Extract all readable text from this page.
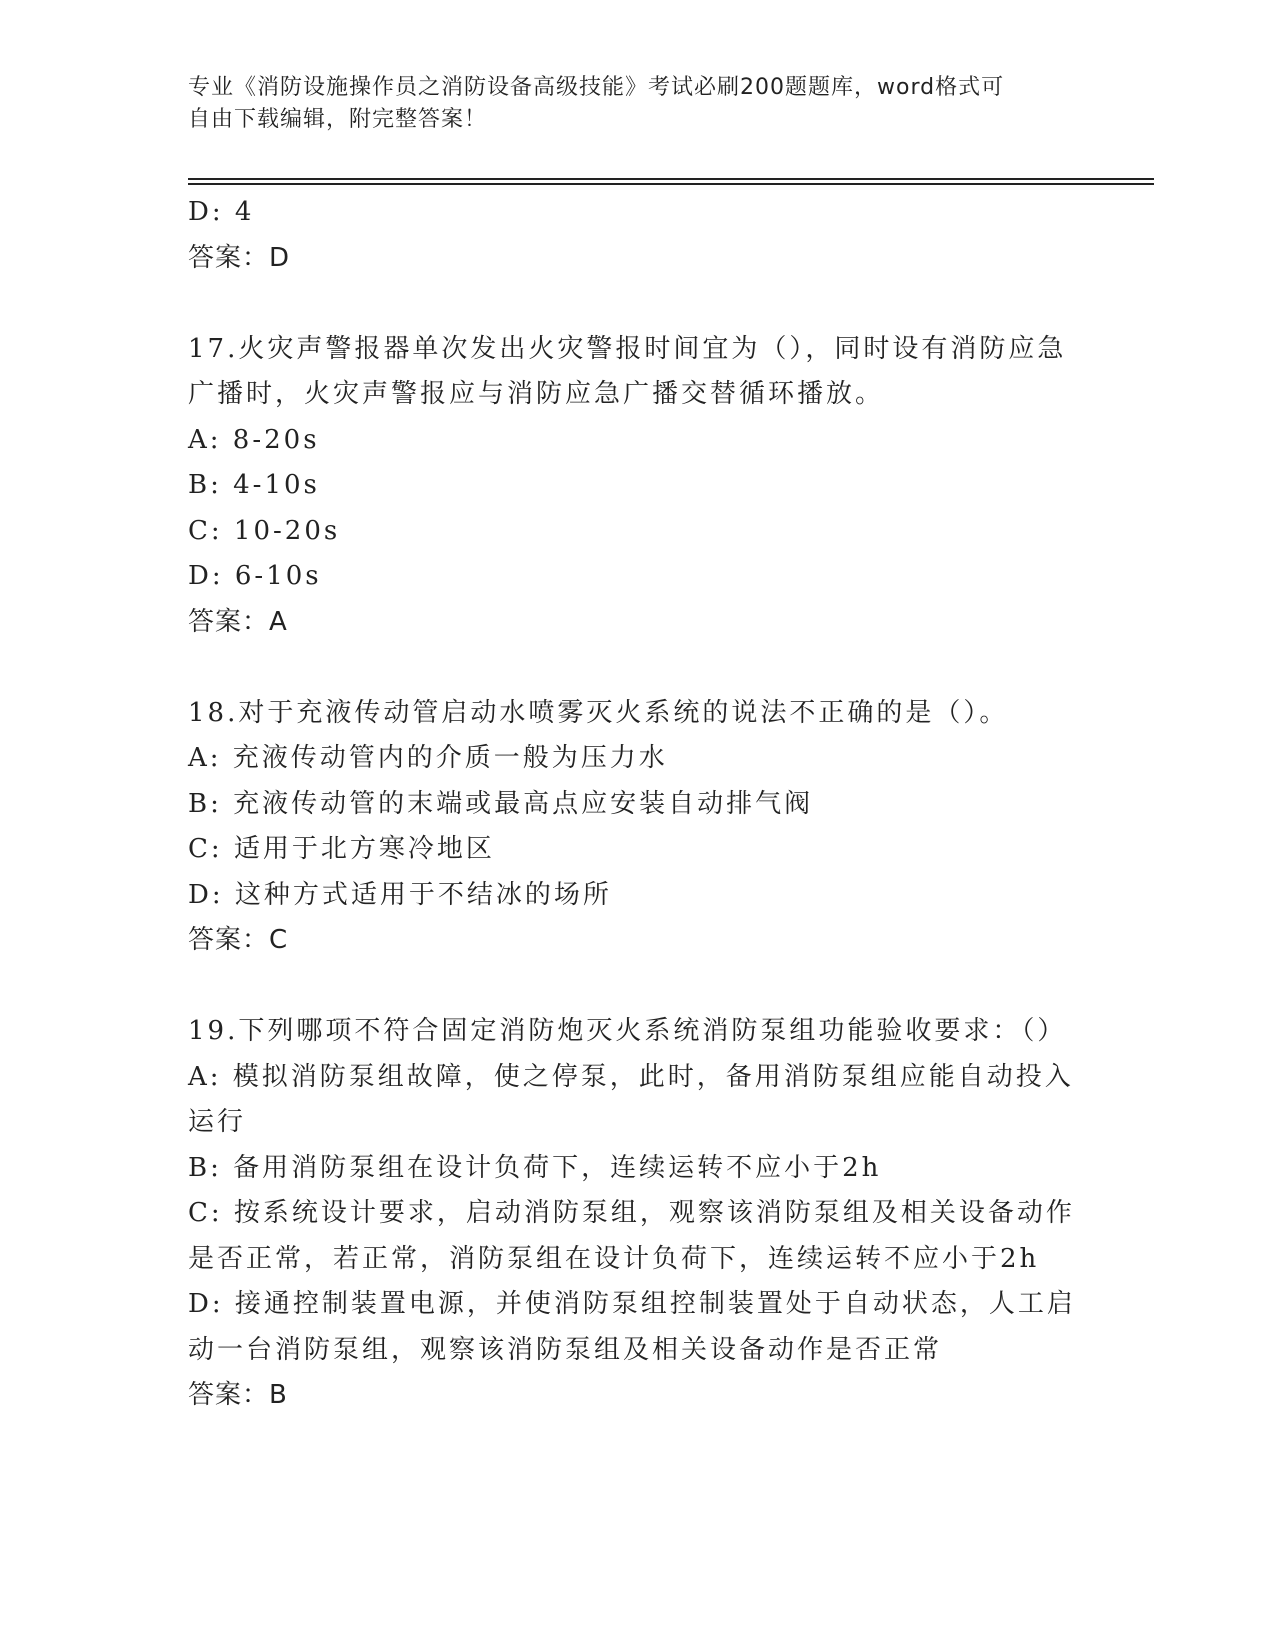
专业《消防设施操作员之消防设备高级技能》考试必刷200题题库，word格式可
自由下载编辑，附完整答案！
D: 4
答案：D
17.火灾声警报器单次发出火灾警报时间宜为（），同时设有消防应急
广播时，火灾声警报应与消防应急广播交替循环播放。
A: 8-20s
B: 4-10s
C: 10-20s
D: 6-10s
答案：A
18.对于充液传动管启动水喷雾灭火系统的说法不正确的是（）。
A: 充液传动管内的介质一般为压力水
B: 充液传动管的末端或最高点应安装自动排气阀
C: 适用于北方寒冷地区
D: 这种方式适用于不结冰的场所
答案：C
19.下列哪项不符合固定消防炮灭火系统消防泵组功能验收要求：（）
A: 模拟消防泵组故障，使之停泵，此时，备用消防泵组应能自动投入
运行
B: 备用消防泵组在设计负荷下，连续运转不应小于2h
C: 按系统设计要求，启动消防泵组，观察该消防泵组及相关设备动作
是否正常，若正常，消防泵组在设计负荷下，连续运转不应小于2h
D: 接通控制装置电源，并使消防泵组控制装置处于自动状态，人工启
动一台消防泵组，观察该消防泵组及相关设备动作是否正常
答案：B
